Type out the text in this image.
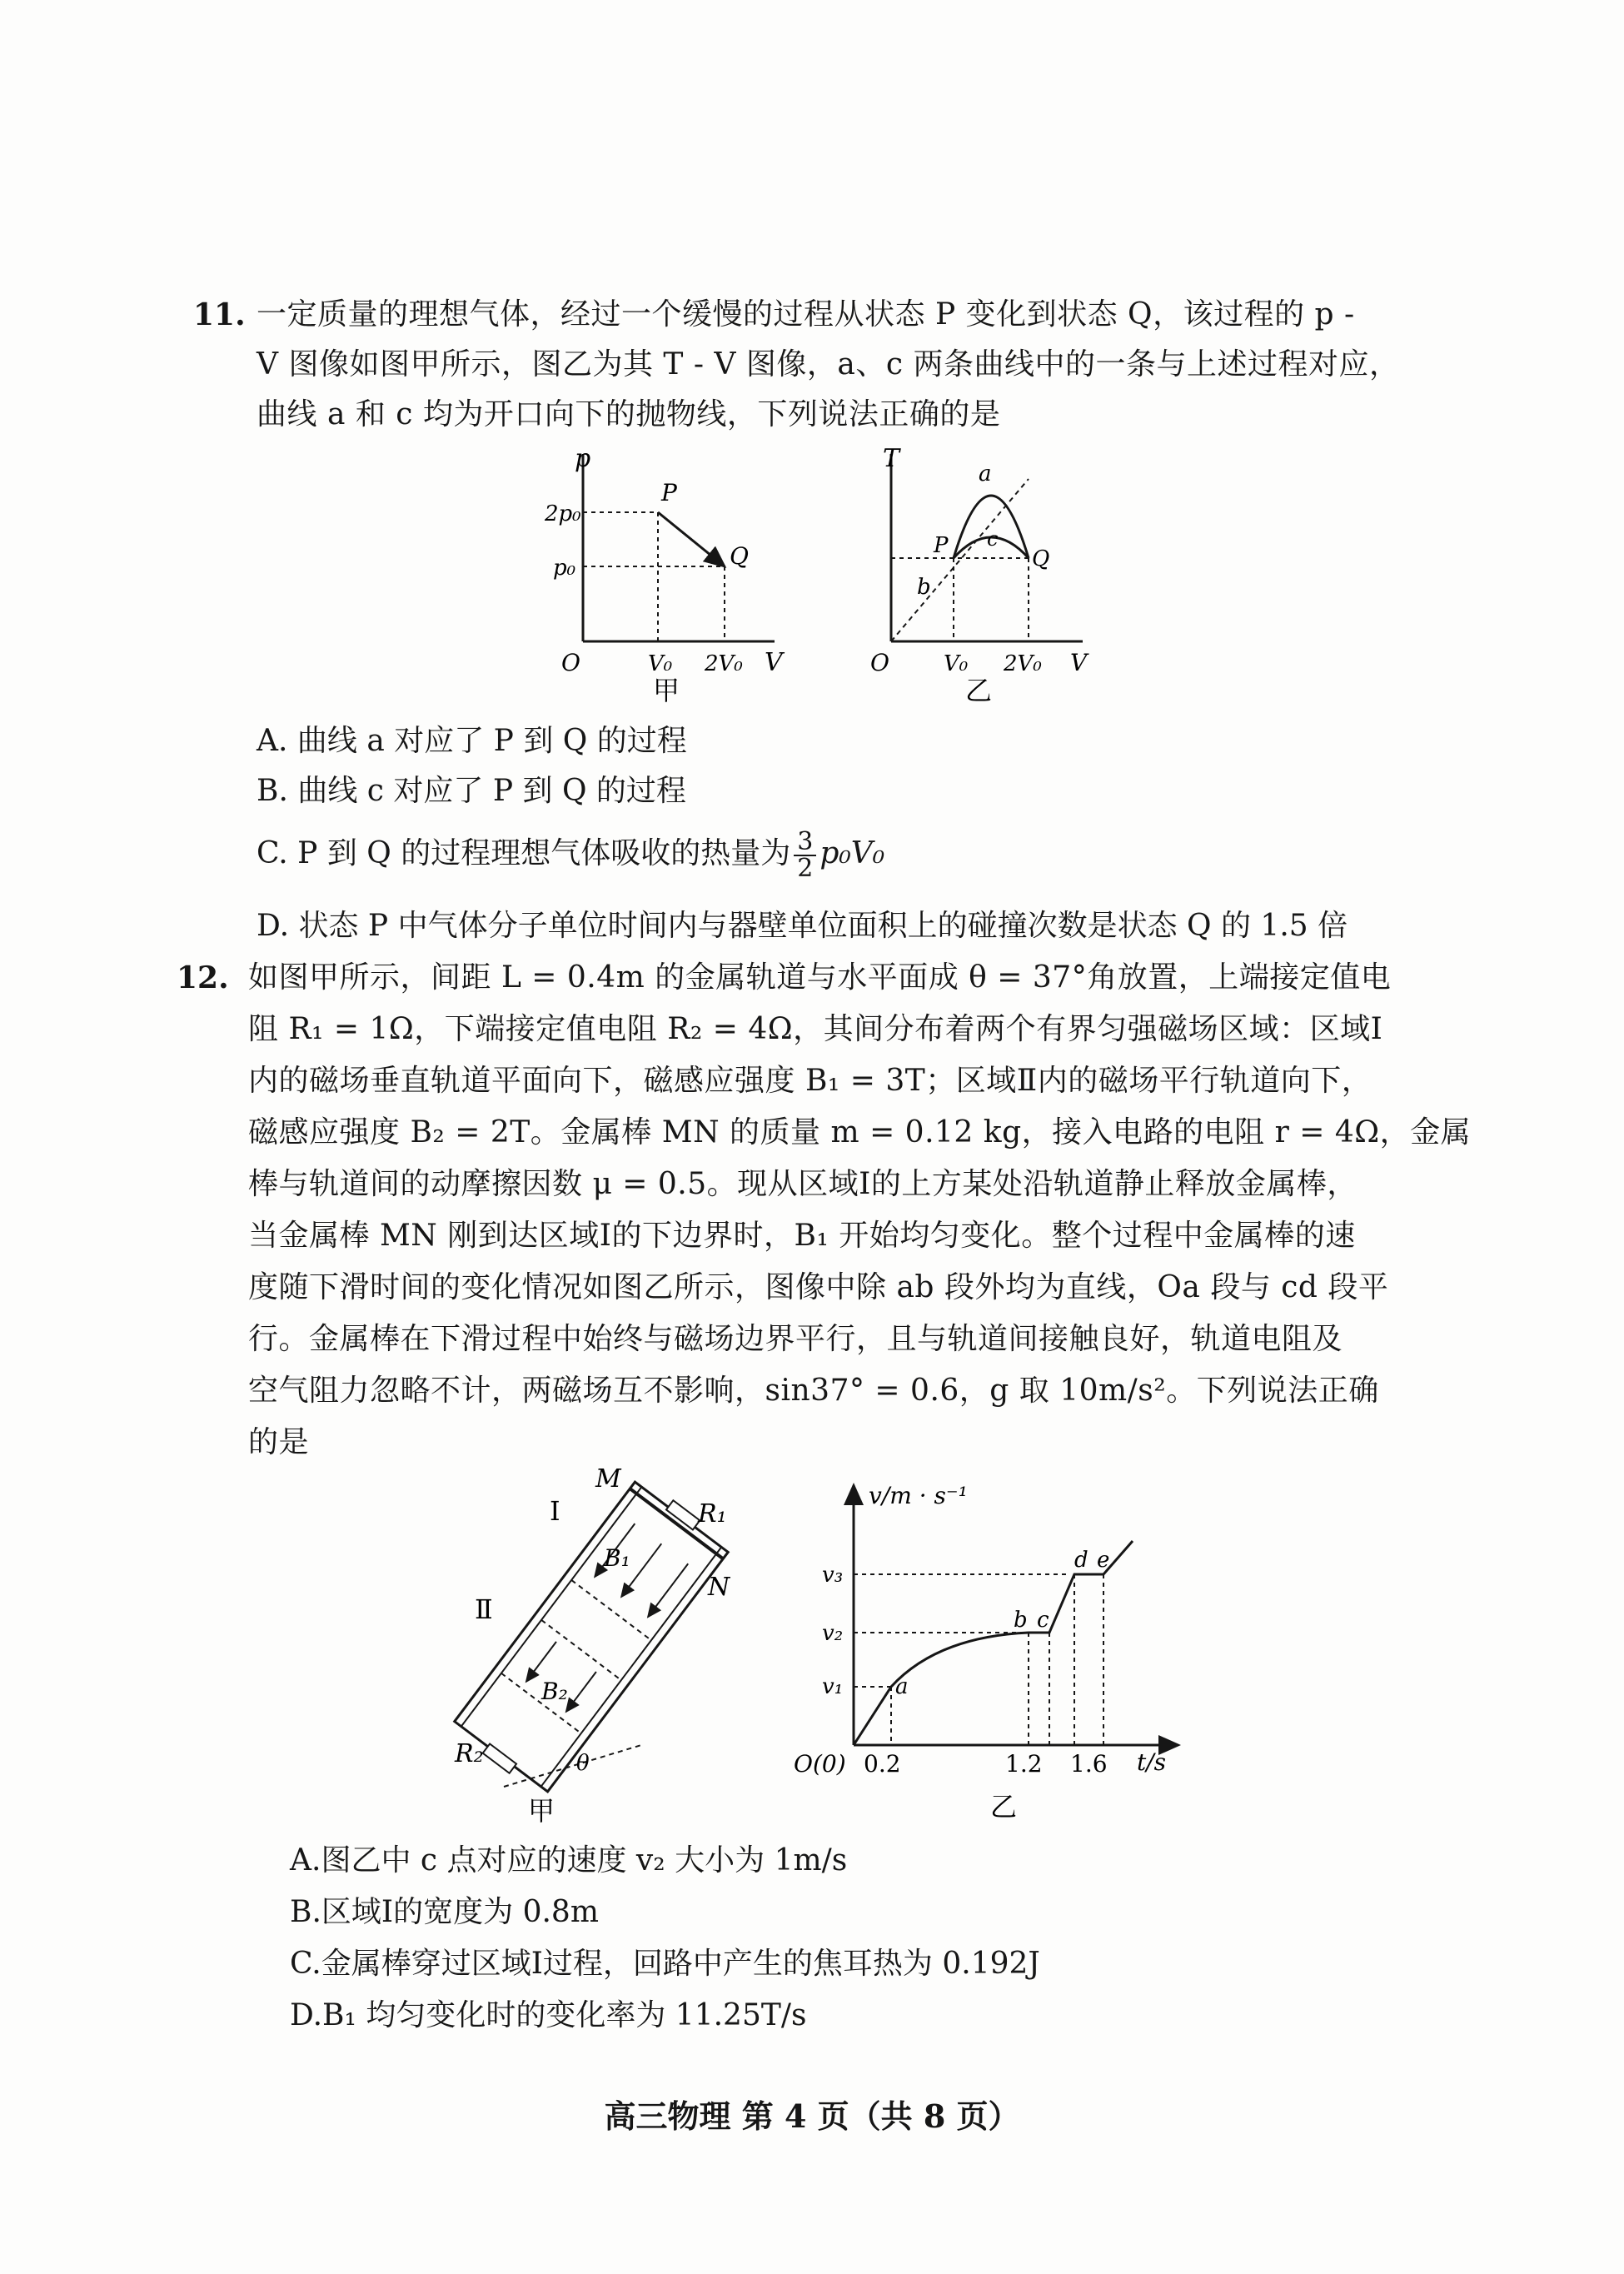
11. 一定质量的理想气体，经过一个缓慢的过程从状态 P 变化到状态 Q，该过程的 p -
V 图像如图甲所示，图乙为其 T - V 图像，a、c 两条曲线中的一条与上述过程对应，
曲线 a 和 c 均为开口向下的抛物线，下列说法正确的是
p
V
2p₀
p₀
O	V₀ 2V₀
P
Q
甲
T
V
O	V₀ 2V₀
a
b
c
P
Q
乙
A. 曲线 a 对应了 P 到 Q 的过程
B. 曲线 c 对应了 P 到 Q 的过程
C. P 到 Q 的过程理想气体吸收的热量为 $\frac{3}{2} p_0V_0$
D. 状态 P 中气体分子单位时间内与器壁单位面积上的碰撞次数是状态 Q 的 1.5 倍
12. 如图甲所示，间距 L = 0.4m 的金属轨道与水平面成 θ = 37°角放置，上端接定值电
阻 R₁ = 1Ω，下端接定值电阻 R₂ = 4Ω，其间分布着两个有界匀强磁场区域：区域Ⅰ
内的磁场垂直轨道平面向下，磁感应强度 B₁ = 3T；区域Ⅱ内的磁场平行轨道向下，
磁感应强度 B₂ = 2T。金属棒 MN 的质量 m = 0.12 kg，接入电路的电阻 r = 4Ω，金属
棒与轨道间的动摩擦因数 μ = 0.5。现从区域Ⅰ的上方某处沿轨道静止释放金属棒，
当金属棒 MN 刚到达区域Ⅰ的下边界时，B₁ 开始均匀变化。整个过程中金属棒的速
度随下滑时间的变化情况如图乙所示，图像中除 ab 段外均为直线，Oa 段与 cd 段平
行。金属棒在下滑过程中始终与磁场边界平行，且与轨道间接触良好，轨道电阻及
空气阻力忽略不计，两磁场互不影响，sin37° = 0.6，g 取 10m/s²。下列说法正确
的是
M
N
R₁
R₂
Ⅰ
Ⅱ
B₁
B₂
θ
甲
v/m · s⁻¹
t/s
v₃
v₂
v₁
O(0) 0.2	1.2 1.6
a
b c
d e
乙
A.图乙中 c 点对应的速度 v₂ 大小为 1m/s
B.区域Ⅰ的宽度为 0.8m
C.金属棒穿过区域Ⅰ过程，回路中产生的焦耳热为 0.192J
D.B₁ 均匀变化时的变化率为 11.25T/s
高三物理 第 4 页（共 8 页）
